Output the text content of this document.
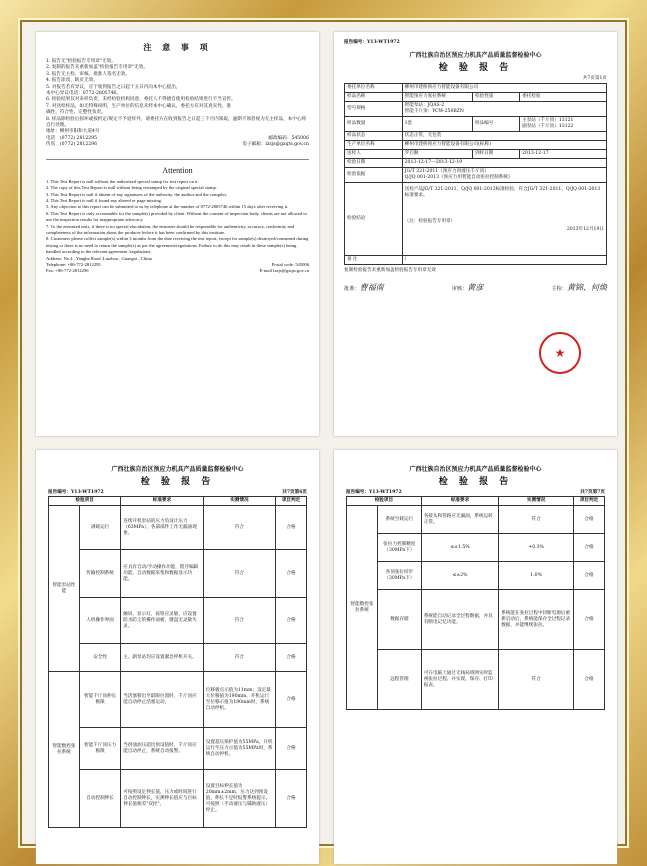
注 意 事 项
1. 报告无"检验报告专用章"无效。
2. 复制的报告未重新加盖"检验报告专用章"无效。
3. 报告无主检、审核、批准人签名无效。
4. 报告涂改、缺页无效。
5. 对报告若有异议，应于收到报告之日起十五日内向本中心提出，
本中心异议电话：0772-2805746。
6. 检验结果仅对来样负责，未经检验机构同意，委托人不得擅自使用检验结果进行不当宣传。
7. 对送检样品，如无特殊说明，生产单位的信息未经本中心确认，委托方应对其真实性、准
确性、符合性、完整性负责。
8. 样品除检验后损坏或按约定/规定不予退样外，请委托方在收到报告之日起三个月内领取，逾期不领者视为无主样品，本中心将自行处理。
地址：柳州市阳和大道4号
电话　 (0772) 2812295	邮政编码：545006
传真　 (0772) 2812296	电子邮箱：lzzjs@gxqts.gov.cn
Attention
1. This Test Report is null without the authorized special stamp for test report on it.
2. The copy of this Test Report is null without being restamped by the original special stamp.
3. This Test Report is null if absent of any signatures of the authority, the auditor and the compiler.
4. This Test Report is null if found any altered or page missing.
5. Any objection to this report can be submitted to us by telephone at the number of 0772-2805746 within 15 days after receiving it.
6. This Test Report is only accountable for the sample(s) provided by client. Without the consent of inspection body, clients are not allowed to use the inspection results for inappropriate advocacy.
7. To the entrusted tests, if there is no special elucidation, the entruster should be responsible for authenticity, accuracy, conformity and completeness of the information about the producer before it has been confirmed by this institute.
8. Customers please collect sample(s) within 3 months from the date receiving the test report, except for sample(s) destroyed/consumed during testing or there is no need to return the sample(s) as per the agreement/regulations. Failure to do this may result in these sample(s) being handled according to the relevant agreement /regulations.
Address: No.4 , Yanghe Road ,Liuzhou , Guangxi , China
Telephone: +86-772-2812295	Postal code: 545006
Fax: +86-772-2812296	E-mail lzzjs@gxqts.gov.cn
报告编号：Y13-WT1972
广西壮族自治区预应力机具产品质量监督检验中心
检 验 报 告
共7页第1页
委托单位名称	柳州市建桥预应力智能设备有限公司		
样品名称	智能预应力张拉系统	检验性质	委托检验
型号规格	智能泵站：JQAS-2
智能千斤顶：YCW-250BZN		

样品数量	1套	样品编号	主泵站（千斤顶）13121
副泵站（千斤顶）13122

样品状态	状态正常，无包装		
生产单位名称	柳州市建桥预应力智能设备有限公司(标称)		
送样人	罗启顺	到样日期	2013-12-17
检验日期	2013-12-17—2013-12-19		
检验依据	JG/T 321-2011《预应力用液压千斤顶》
Q/JQ 001-2013《预应力用智能自动张拉控制系统》		

检验结论	送检产品JG/T 321-2011、Q/JQ 001-2013标准检验，符合JG/T 321-2011、Q/JQ 001-2013标准要求。
（注：检验报告专用章）
2013年12月19日		

备 注	/		
★
复制检验报告未重新加盖检验报告专用章无效
批准：曹福南	审核：黄彦	主检：黄锦、何焕
广西壮族自治区预应力机具产品质量监督检验中心
检 验 报 告
报告编号：Y13-WT1972	共7页第6页
检验项目		标准要求	实测情况	项目判定
智能泵站性能	满载运行	连续开机泵站的压力负设计压力（63MPa），各部部件工作无漏油现象。	符合	合格
	传输控制系统	应具有自动/手动操作功能，程序编辑功能，自动数据采集和数据显示功能。	符合	合格
	人机操作界面	触屏，显示灯，按钮应灵敏，应设置防水防尘的操作面板，键盘无灵敏失灵。	符合	合格
	安全性	主、副泵站均应设置紧急停机开关。	符合	合格
智能数控张拉系统	智能千斤顶伸长极限	当活塞移出至最限位置时，千斤顶应能自动停止活塞运动。	位移极点示值为11mm；设定最大位移值为190mm，开机运行至位移示值为190mm时，系统自动停机。	合格
	智能千斤顶压力极限	当供油油压超出预设值时，千斤顶应能自动停止，系统自动报警。	设置超压保护值为55MPa，开机运行至压力示值为55MPa时，系统自动停机。	合格
	自动控制伸长	可按照设定伸长值，压力或时间进行自动控制伸长，实测伸长值应与目标伸长值相差"双控"。	设置目标伸长值为20mm±2mm，压力达到预设值，伸长不足时报警系统提示，可按照（手动液压与辅助液压）停止。	合格
广西壮族自治区预应力机具产品质量监督检验中心
检 验 报 告
报告编号：Y13-WT1972	共7页第7页
检验项目		标准要求	实测情况	项目判定
智能数控张拉系统	系统空载运行	各接头和管路应无漏油，系统运转正常。	符合	合格
	张拉力控制精度（30MPa下）	≤±1.5%	+0.3%	合格
	各顶张拉同步（30MPa下）	≤±2%	1.0%	合格
	数据存储	系统能自动记录全过程数据，并具有断电记忆功能。	系统能在张拉过程中切断电源后重新启动后，系统能保存全过程记录数据，并能继续张拉。	合格
	远程管理	可在电脑上通过无线局域网实时监视张拉过程、并实现、保存、打印报表。	符合	合格
